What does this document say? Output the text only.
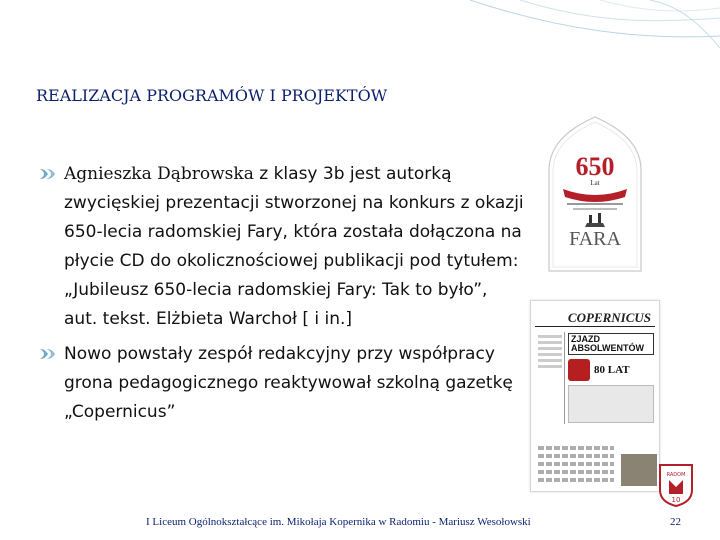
REALIZACJA PROGRAMÓW I PROJEKTÓW

Agnieszka Dąbrowska z klasy 3b jest autorką zwycięskiej prezentacji stworzonej na konkurs z okazji 650-lecia radomskiej Fary, która została dołączona na płycie CD do okolicznościowej publikacji pod tytułem: „Jubileusz 650-lecia radomskiej Fary: Tak to było”, aut. tekst. Elżbieta Warchoł [ i in.]

Nowo powstały zespół redakcyjny przy współpracy grona pedagogicznego reaktywował szkolną gazetkę „Copernicus”

650
Lat
FARA
COPERNICUS
ZJAZD ABSOLWENTÓW
80 LAT
RADOM
10
I Liceum Ogólnokształcące im. Mikołaja Kopernika w Radomiu - Mariusz Wesołowski	22
